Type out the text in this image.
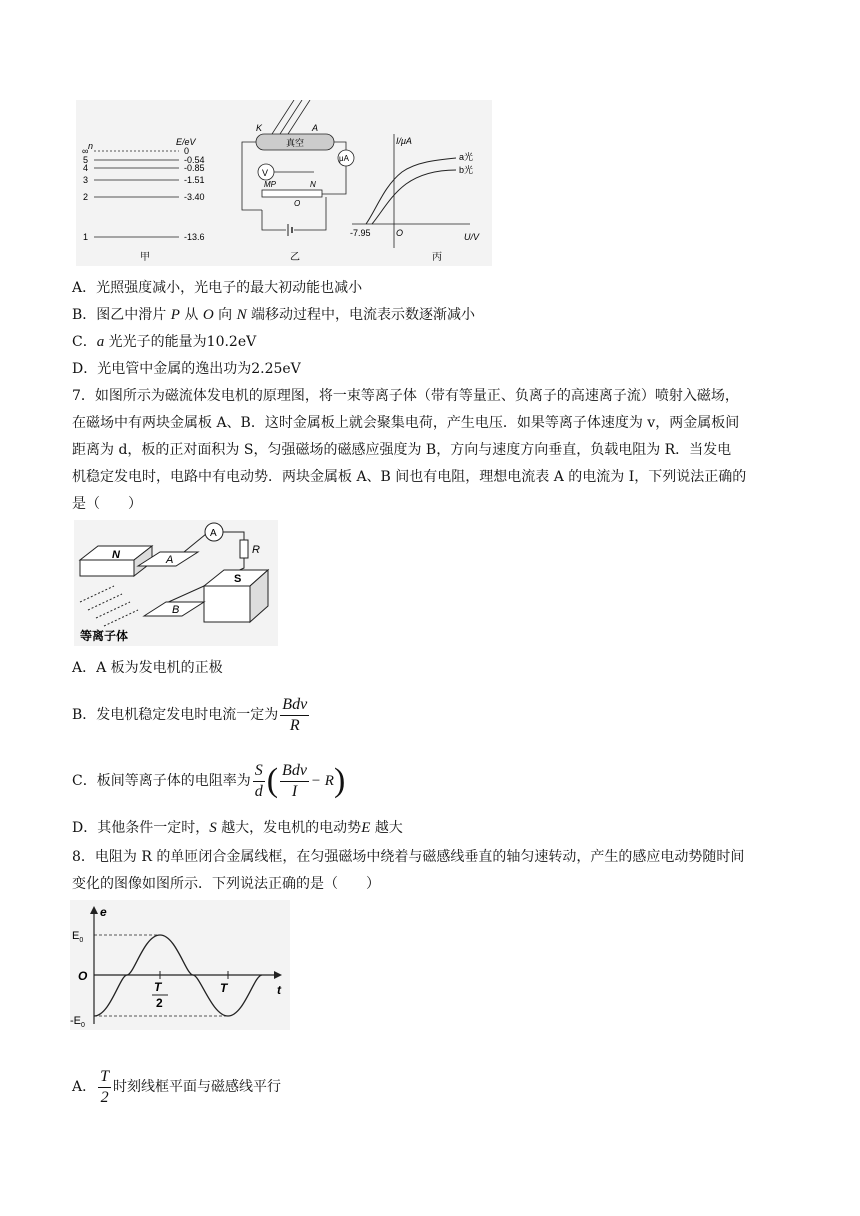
n	E/eV
∞
5
4
3
2
1
0
-0.54
-0.85
-1.51
-3.40
-13.6
甲
K	A
真空
μA
V
MP	N
O
乙
I/μA
U/V
a光
b光
-7.95	O
丙
A．光照强度减小，光电子的最大初动能也减小
B．图乙中滑片 P 从 O 向 N 端移动过程中，电流表示数逐渐减小
C．a 光光子的能量为10.2eV
D．光电管中金属的逸出功为2.25eV
7．如图所示为磁流体发电机的原理图，将一束等离子体（带有等量正、负离子的高速离子流）喷射入磁场，
在磁场中有两块金属板 A、B．这时金属板上就会聚集电荷，产生电压．如果等离子体速度为 v，两金属板间
距离为 d，板的正对面积为 S，匀强磁场的磁感应强度为 B，方向与速度方向垂直，负载电阻为 R．当发电
机稳定发电时，电路中有电动势．两块金属板 A、B 间也有电阻，理想电流表 A 的电流为 I，下列说法正确的
是（　　）
N	A
A
R
S
B
等离子体
A．A 板为发电机的正极
B．发电机稳定发电时电流一定为 $\frac{\text{Bdv}}{R}$
C．板间等离子体的电阻率为 $\frac{S}{d}$ ( $\frac{\text{Bdv}}{I} - R$)
D．其他条件一定时，S 越大，发电机的电动势E 越大
8．电阻为 R 的单匝闭合金属线框，在匀强磁场中绕着与磁感线垂直的轴匀速转动，产生的感应电动势随时间
变化的图像如图所示．下列说法正确的是（　　）
e
t
O
$E_0$
$-E_0$
T
2
T
A． $\frac{T}{2}$ 时刻线框平面与磁感线平行
